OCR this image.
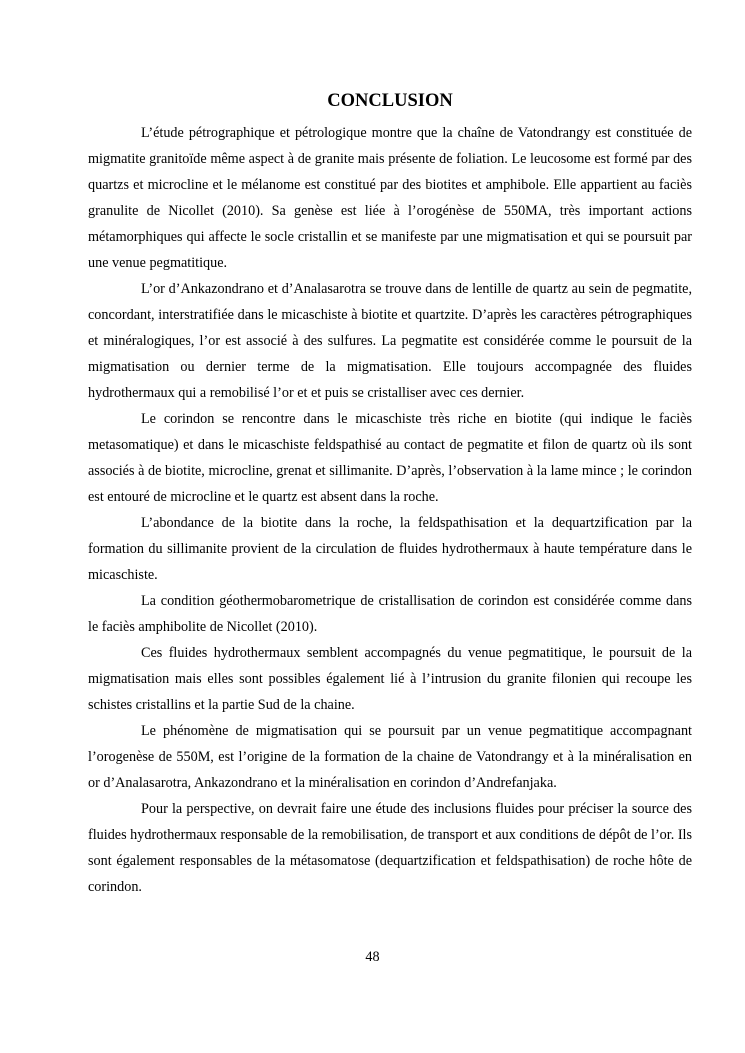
CONCLUSION

L’étude pétrographique et pétrologique montre que la chaîne de Vatondrangy est constituée de migmatite granitoïde même aspect à de granite mais présente de foliation. Le leucosome est formé par des quartzs et microcline et le mélanome est constitué par des biotites et amphibole. Elle appartient au faciès granulite de Nicollet (2010). Sa genèse est liée à l’orogénèse de 550MA, très important actions métamorphiques qui affecte le socle cristallin et se manifeste par une migmatisation et qui se poursuit par une venue pegmatitique.

L’or d’Ankazondrano et d’Analasarotra se trouve dans de lentille de quartz au sein de pegmatite, concordant, interstratifiée dans le micaschiste à biotite et quartzite. D’après les caractères pétrographiques et minéralogiques, l’or est associé à des sulfures. La pegmatite est considérée comme le poursuit de la migmatisation ou dernier terme de la migmatisation. Elle toujours accompagnée des fluides hydrothermaux qui a remobilisé l’or et et puis se cristalliser avec ces dernier.

Le corindon se rencontre dans le micaschiste très riche en biotite (qui indique le faciès metasomatique) et dans le micaschiste feldspathisé au contact de pegmatite et filon de quartz où ils sont associés à de biotite, microcline, grenat et sillimanite. D’après, l’observation à la lame mince ; le corindon est entouré de microcline et le quartz est absent dans la roche.

L’abondance de la biotite dans la roche, la feldspathisation et la dequartzification par la formation du sillimanite provient de la circulation de fluides hydrothermaux à haute température dans le micaschiste.

La condition géothermobarometrique de cristallisation de corindon est considérée comme dans le faciès amphibolite de Nicollet (2010).

Ces fluides hydrothermaux semblent accompagnés du venue pegmatitique, le poursuit de la migmatisation mais elles sont possibles également lié à l’intrusion du granite filonien qui recoupe les schistes cristallins et la partie Sud de la chaine.

Le phénomène de migmatisation qui se poursuit par un venue pegmatitique accompagnant l’orogenèse de 550M, est l’origine de la formation de la chaine de Vatondrangy et à la minéralisation en or d’Analasarotra, Ankazondrano et la minéralisation en corindon d’Andrefanjaka.

Pour la perspective, on devrait faire une étude des inclusions fluides pour préciser la source des fluides hydrothermaux responsable de la remobilisation, de transport et aux conditions de dépôt de l’or. Ils sont également responsables de la métasomatose (dequartzification et feldspathisation) de roche hôte de corindon.

48
